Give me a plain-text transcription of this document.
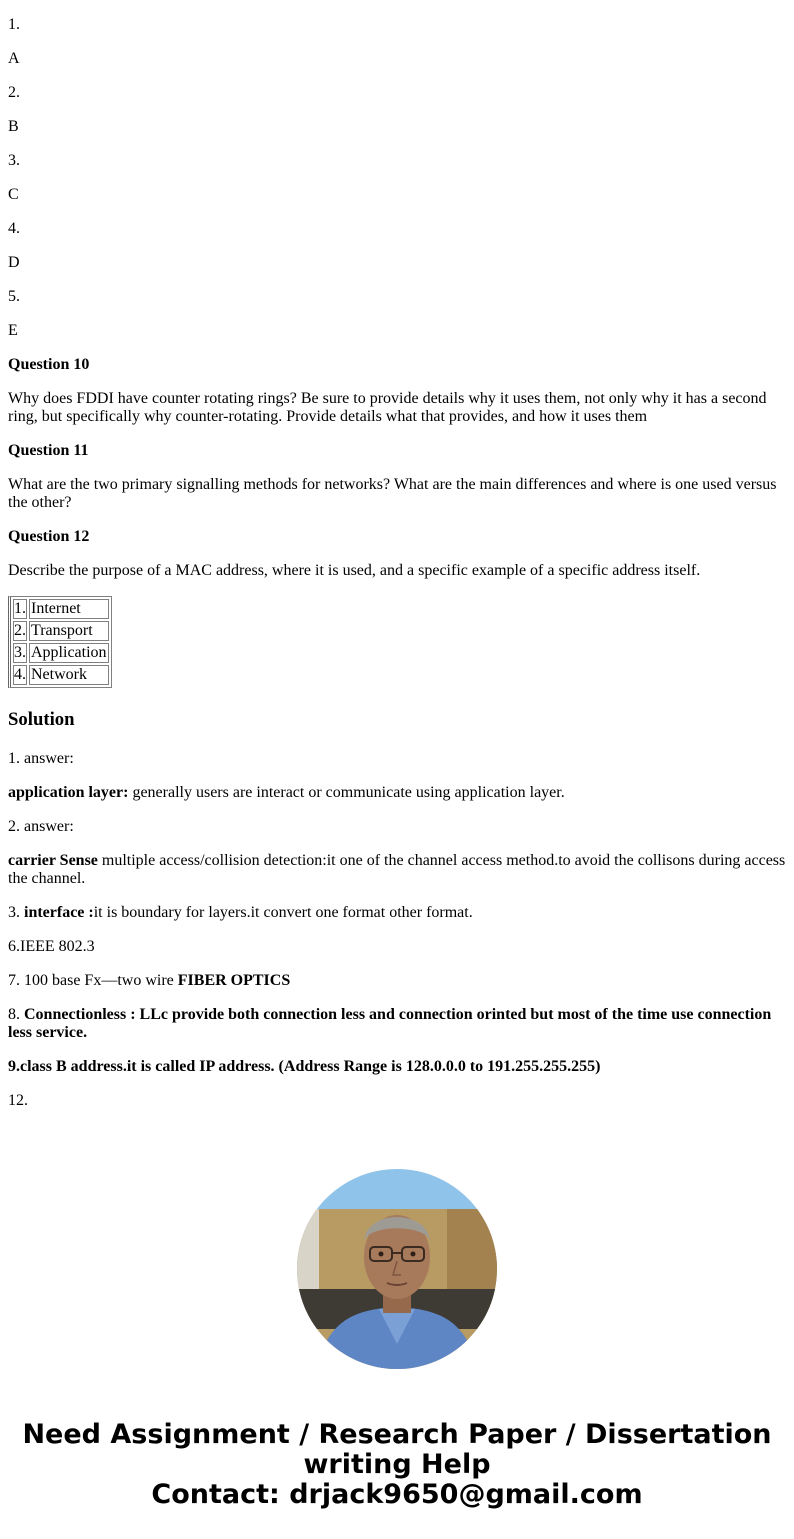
1.

A

2.

B

3.

C

4.

D

5.

E

Question 10

Why does FDDI have counter rotating rings? Be sure to provide details why it uses them, not only why it has a second ring, but specifically why counter-rotating. Provide details what that provides, and how it uses them

Question 11

What are the two primary signalling methods for networks? What are the main differences and where is one used versus the other?

Question 12

Describe the purpose of a MAC address, where it is used, and a specific example of a specific address itself.

1.	Internet
2.	Transport
3.	Application
4.	Network
Solution

1. answer:

application layer: generally users are interact or communicate using application layer.

2. answer:

carrier Sense multiple access/collision detection:it one of the channel access method.to avoid the collisons during access the channel.

3. interface :it is boundary for layers.it convert one format other format.

6.IEEE 802.3

7. 100 base Fx—two wire FIBER OPTICS

8. Connectionless : LLc provide both connection less and connection orinted but most of the time use connection less service.

9.class B address.it is called IP address. (Address Range is 128.0.0.0 to 191.255.255.255)

12.

Need Assignment / Research Paper / Dissertation
writing Help
Contact: drjack9650@gmail.com
